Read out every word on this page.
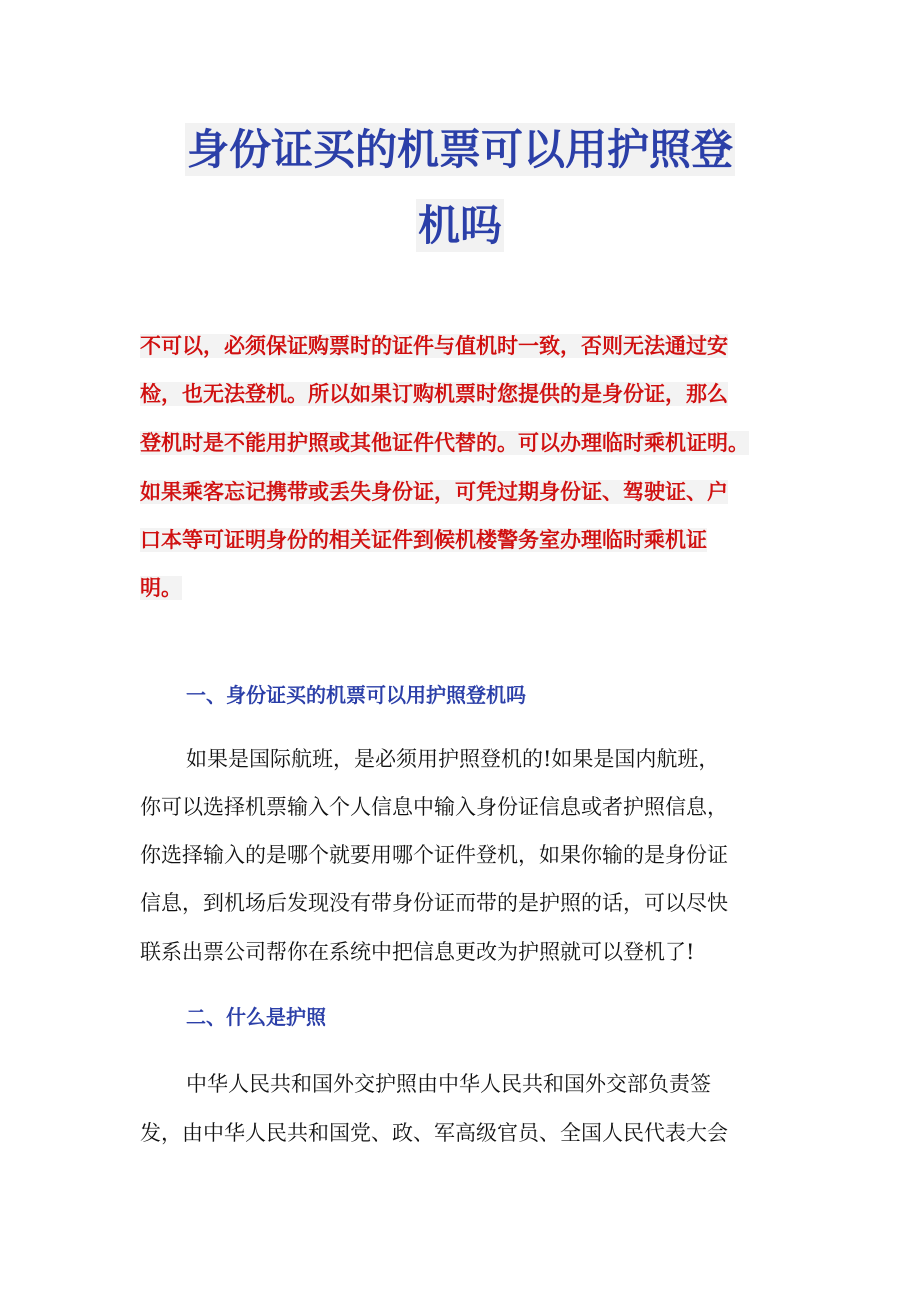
身份证买的机票可以用护照登
机吗
不可以，必须保证购票时的证件与值机时一致，否则无法通过安
检，也无法登机。所以如果订购机票时您提供的是身份证，那么
登机时是不能用护照或其他证件代替的。可以办理临时乘机证明。
如果乘客忘记携带或丢失身份证，可凭过期身份证、驾驶证、户
口本等可证明身份的相关证件到候机楼警务室办理临时乘机证
明。
一、身份证买的机票可以用护照登机吗
如果是国际航班，是必须用护照登机的!如果是国内航班，
你可以选择机票输入个人信息中输入身份证信息或者护照信息，
你选择输入的是哪个就要用哪个证件登机，如果你输的是身份证
信息，到机场后发现没有带身份证而带的是护照的话，可以尽快
联系出票公司帮你在系统中把信息更改为护照就可以登机了!
二、什么是护照
中华人民共和国外交护照由中华人民共和国外交部负责签
发，由中华人民共和国党、政、军高级官员、全国人民代表大会
